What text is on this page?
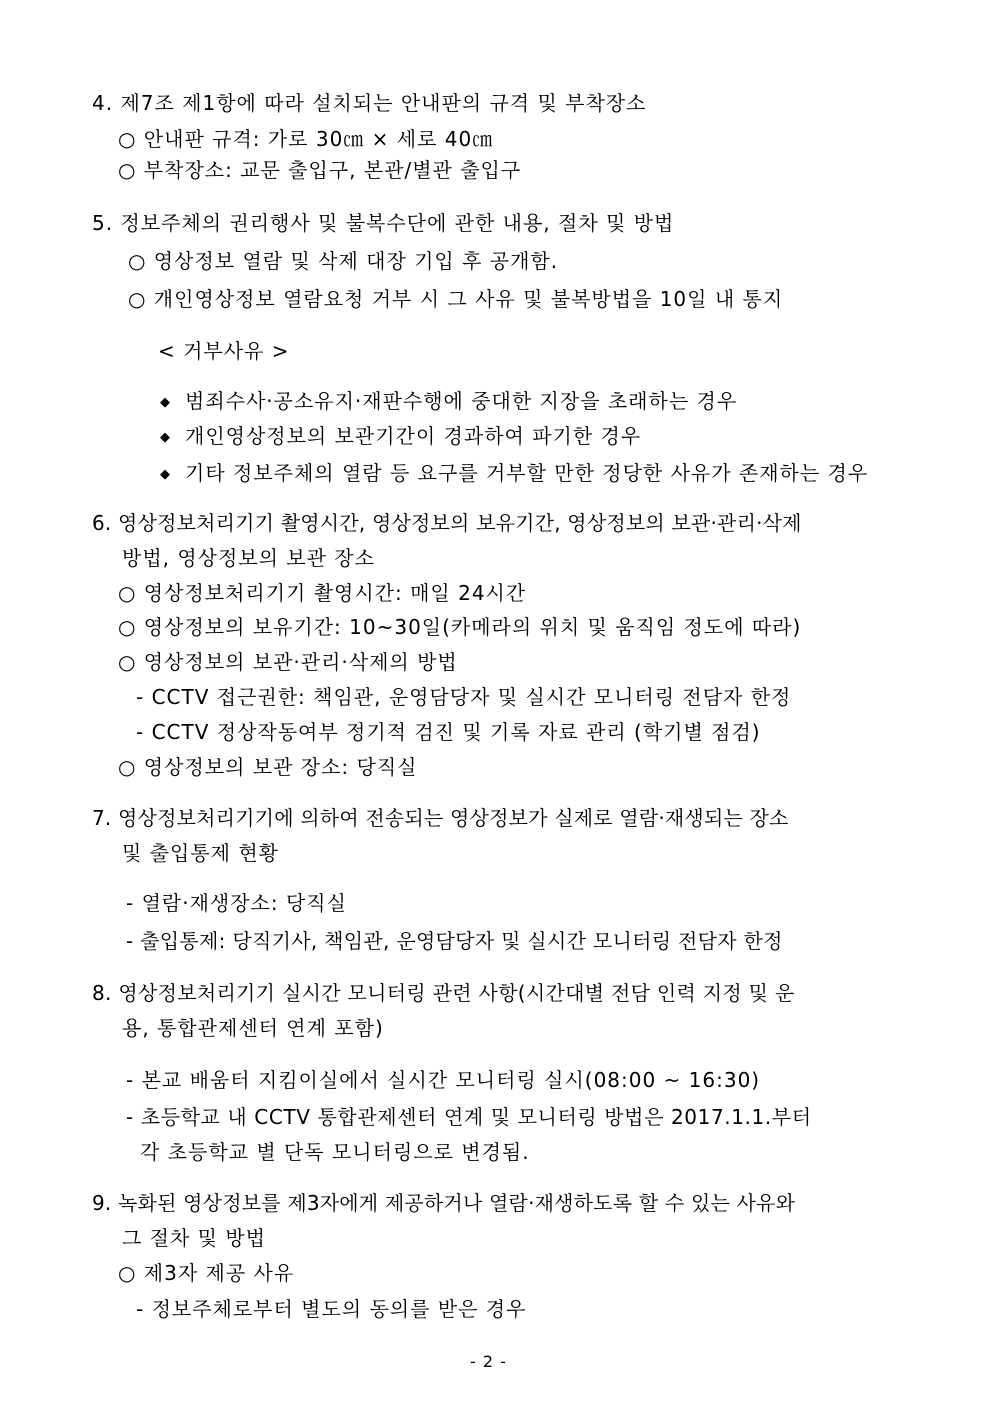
4. 제7조 제1항에 따라 설치되는 안내판의 규격 및 부착장소
○ 안내판 규격: 가로 30㎝ × 세로 40㎝
○ 부착장소: 교문 출입구, 본관/별관 출입구
5. 정보주체의 권리행사 및 불복수단에 관한 내용, 절차 및 방법
○ 영상정보 열람 및 삭제 대장 기입 후 공개함.
○ 개인영상정보 열람요청 거부 시 그 사유 및 불복방법을 10일 내 통지
< 거부사유 >
◆ 범죄수사·공소유지·재판수행에 중대한 지장을 초래하는 경우
◆ 개인영상정보의 보관기간이 경과하여 파기한 경우
◆ 기타 정보주체의 열람 등 요구를 거부할 만한 정당한 사유가 존재하는 경우
6. 영상정보처리기기 촬영시간, 영상정보의 보유기간, 영상정보의 보관·관리·삭제
방법, 영상정보의 보관 장소
○ 영상정보처리기기 촬영시간: 매일 24시간
○ 영상정보의 보유기간: 10~30일(카메라의 위치 및 움직임 정도에 따라)
○ 영상정보의 보관·관리·삭제의 방법
- CCTV 접근권한: 책임관, 운영담당자 및 실시간 모니터링 전담자 한정
- CCTV 정상작동여부 정기적 검진 및 기록 자료 관리 (학기별 점검)
○ 영상정보의 보관 장소: 당직실
7. 영상정보처리기기에 의하여 전송되는 영상정보가 실제로 열람·재생되는 장소
및 출입통제 현황
- 열람·재생장소: 당직실
- 출입통제: 당직기사, 책임관, 운영담당자 및 실시간 모니터링 전담자 한정
8. 영상정보처리기기 실시간 모니터링 관련 사항(시간대별 전담 인력 지정 및 운
용, 통합관제센터 연계 포함)
- 본교 배움터 지킴이실에서 실시간 모니터링 실시(08:00 ~ 16:30)
- 초등학교 내 CCTV 통합관제센터 연계 및 모니터링 방법은 2017.1.1.부터
각 초등학교 별 단독 모니터링으로 변경됨.
9. 녹화된 영상정보를 제3자에게 제공하거나 열람·재생하도록 할 수 있는 사유와
그 절차 및 방법
○ 제3자 제공 사유
- 정보주체로부터 별도의 동의를 받은 경우
- 2 -
